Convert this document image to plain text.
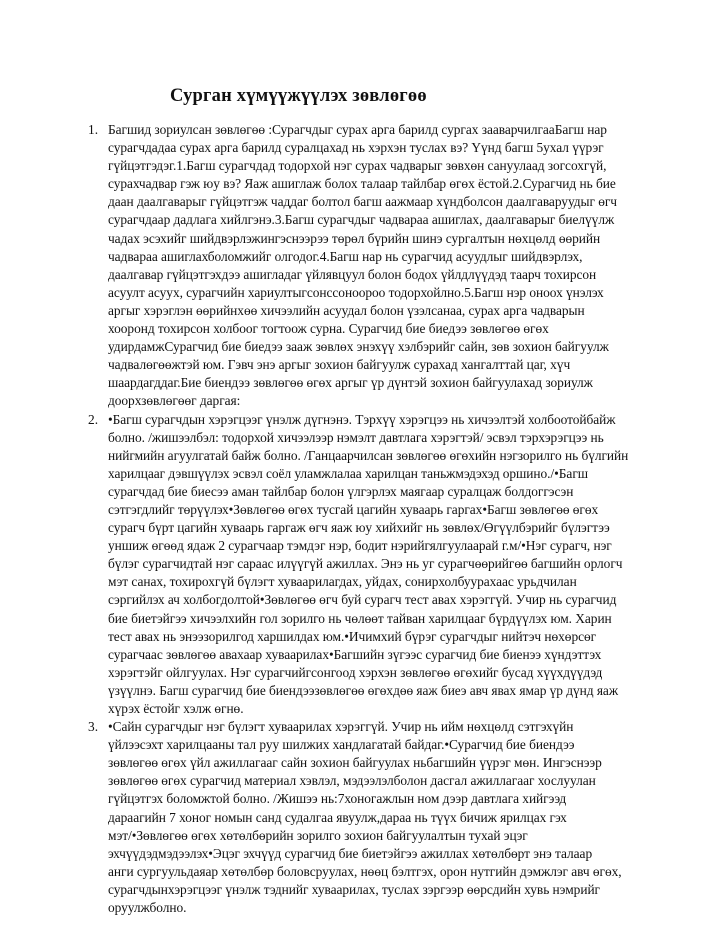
Сурган хүмүүжүүлэх зөвлөгөө
1. Багшид зориулсан зөвлөгөө :Сурагчдыг сурах арга барилд сургах зааварчилгааБагш нар
сурагчдадаа сурах арга барилд суралцахад нь хэрхэн туслах вэ? Үүнд багш 5ухал үүрэг
гүйцэтгэдэг.1.Багш сурагчдад тодорхой нэг сурах чадварыг зөвхөн сануулаад зогсохгүй,
сурахчадвар гэж юу вэ? Яаж ашиглаж болох талаар тайлбар өгөх ёстой.2.Сурагчид нь бие
даан даалгаварыг гүйцэтгэж чаддаг болтол багш аажмаар хүндболсон даалгаваруудыг өгч
сурагчдаар дадлага хийлгэнэ.3.Багш сурагчдыг чадвараа ашиглах, даалгаварыг биелүүлж
чадах эсэхийг шийдвэрлэжингэснээрээ төрөл бүрийн шинэ сургалтын нөхцөлд өөрийн
чадвараа ашиглахболомжийг олгодог.4.Багш нар нь сурагчид асуудлыг шийдвэрлэх,
даалгавар гүйцэтгэхдээ ашигладаг үйлявцуул болон бодох үйлдлүүдэд таарч тохирсон
асуулт асуух, сурагчийн хариултыгсонссоноороо тодорхойлно.5.Багш нэр оноох үнэлэх
аргыг хэрэглэн өөрийнхөө хичээлийн асуудал болон үзэлсанаа, сурах арга чадварын
хооронд тохирсон холбоог тогтоож сурна. Сурагчид бие биедээ зөвлөгөө өгөх
удирдамжСурагчид бие биедээ зааж зөвлөх энэхүү хэлбэрийг сайн, зөв зохион байгуулж
чадвалөгөөжтэй юм. Гэвч энэ аргыг зохион байгуулж сурахад хангалттай цаг, хүч
шаардагддаг.Бие биендээ зөвлөгөө өгөх аргыг үр дүнтэй зохион байгуулахад зориулж
доорхзөвлөгөөг даргая:
2. •Багш сурагчдын хэрэгцээг үнэлж дүгнэнэ. Тэрхүү хэрэгцээ нь хичээлтэй холбоотойбайж
болно. /жишээлбэл: тодорхой хичээлээр нэмэлт давтлага хэрэгтэй/ эсвэл тэрхэрэгцээ нь
нийгмийн агуулгатай байж болно. /Ганцаарчилсан зөвлөгөө өгөхийн нэгзорилго нь бүлгийн
харилцааг дэвшүүлэх эсвэл соёл уламжлалаа харилцан таньжмэдэхэд оршино./•Багш
сурагчдад бие биесээ аман тайлбар болон үлгэрлэх маягаар суралцаж болдоггэсэн
сэтгэгдлийг төрүүлэх•Зөвлөгөө өгөх тусгай цагийн хуваарь гаргах•Багш зөвлөгөө өгөх
сурагч бүрт цагийн хуваарь гаргаж өгч яаж юу хийхийг нь зөвлөх/Өгүүлбэрийг бүлэгтээ
уншиж өгөөд ядаж 2 сурагчаар тэмдэг нэр, бодит нэрийгялгуулаарай г.м/•Нэг сурагч, нэг
бүлэг сурагчидтай нэг сараас илүүгүй ажиллах. Энэ нь уг сурагчөөрийгөө багшийн орлогч
мэт санах, тохирохгүй бүлэгт хуваарилагдах, уйдах, сонирхолбуурахаас урьдчилан
сэргийлэх ач холбогдолтой•Зөвлөгөө өгч буй сурагч тест авах хэрэггүй. Учир нь сурагчид
бие биетэйгээ хичээлхийн гол зорилго нь чөлөөт тайван харилцааг бүрдүүлэх юм. Харин
тест авах нь энээзорилгод харшилдах юм.•Ичимхий бүрэг сурагчдыг нийтэч нөхөрсөг
сурагчаас зөвлөгөө авахаар хуваарилах•Багшийн зүгээс сурагчид бие биенээ хүндэттэх
хэрэгтэйг ойлгуулах. Нэг сурагчийгсонгоод хэрхэн зөвлөгөө өгөхийг бусад хүүхдүүдэд
үзүүлнэ. Багш сурагчид бие биендээзөвлөгөө өгөхдөө яаж биеэ авч явах ямар үр дүнд яаж
хүрэх ёстойг хэлж өгнө.
3. •Сайн сурагчдыг нэг бүлэгт хуваарилах хэрэггүй. Учир нь ийм нөхцөлд сэтгэхүйн
үйлээсэхт харилцааны тал руу шилжих хандлагатай байдаг.•Сурагчид бие биендээ
зөвлөгөө өгөх үйл ажиллагааг сайн зохион байгуулах ньбагшийн үүрэг мөн. Ингэснээр
зөвлөгөө өгөх сурагчид материал хэвлэл, мэдээлэлболон дасгал ажиллагааг хослуулан
гүйцэтгэх боломжтой болно. /Жишээ нь:7хоногажлын ном дээр давтлага хийгээд
дараагийн 7 хоног номын санд судалгаа явуулж,дараа нь түүх бичиж ярилцах гэх
мэт/•Зөвлөгөө өгөх хөтөлбөрийн зорилго зохион байгуулалтын тухай эцэг
эхчүүдэдмэдээлэх•Эцэг эхчүүд сурагчид бие биетэйгээ ажиллах хөтөлбөрт энэ талаар
анги сургуульдаяар хөтөлбөр боловсруулах, нөөц бэлтгэх, орон нутгийн дэмжлэг авч өгөх,
сурагчдынхэрэгцээг үнэлж тэднийг хуваарилах, туслах зэргээр өөрсдийн хувь нэмрийг
оруулжболно.
